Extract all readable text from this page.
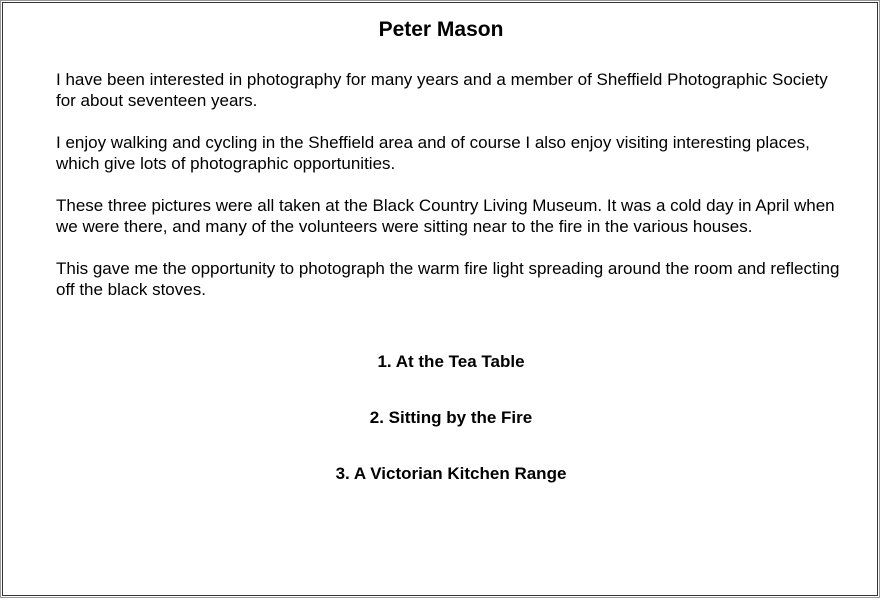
Peter Mason

I have been interested in photography for many years and a member of Sheffield Photographic Society for about seventeen years.

I enjoy walking and cycling in the Sheffield area and of course I also enjoy visiting interesting places, which give lots of photographic opportunities.

These three pictures were all taken at the Black Country Living Museum. It was a cold day in April when we were there, and many of the volunteers were sitting near to the fire in the various houses.

This gave me the opportunity to photograph the warm fire light spreading around the room and reflecting off the black stoves.

1. At the Tea Table
2. Sitting by the Fire
3. A Victorian Kitchen Range
